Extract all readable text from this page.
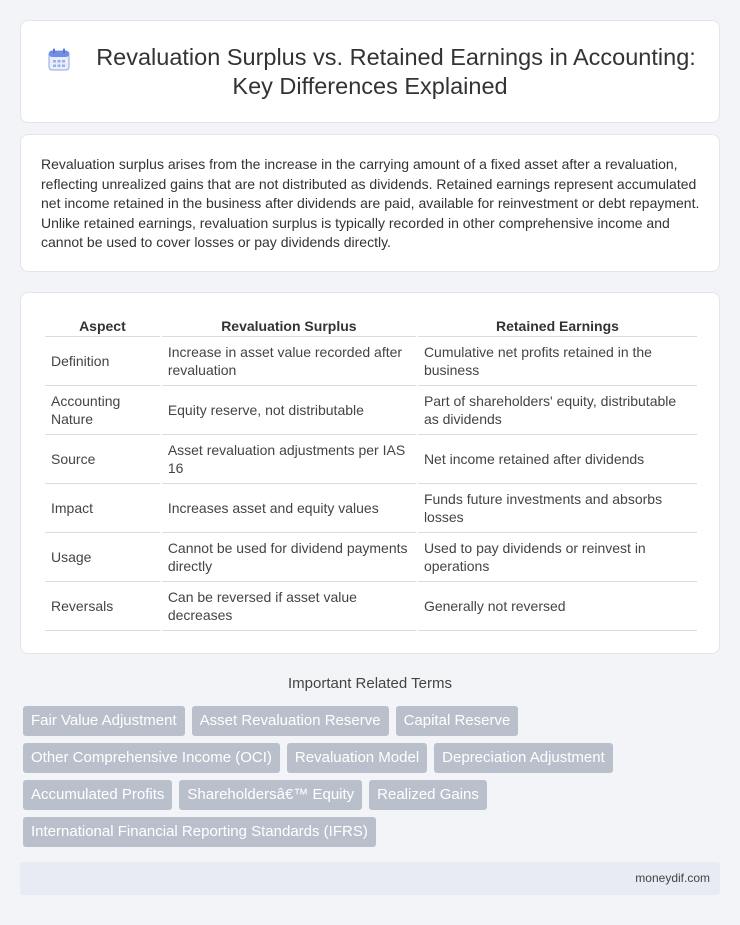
Revaluation Surplus vs. Retained Earnings in Accounting:
Key Differences Explained

Revaluation surplus arises from the increase in the carrying amount of a fixed asset after a revaluation, reflecting unrealized gains that are not distributed as dividends. Retained earnings represent accumulated net income retained in the business after dividends are paid, available for reinvestment or debt repayment. Unlike retained earnings, revaluation surplus is typically recorded in other comprehensive income and cannot be used to cover losses or pay dividends directly.

Aspect	Revaluation Surplus	Retained Earnings
Definition	Increase in asset value recorded after revaluation	Cumulative net profits retained in the business
Accounting Nature	Equity reserve, not distributable	Part of shareholders' equity, distributable as dividends
Source	Asset revaluation adjustments per IAS 16	Net income retained after dividends
Impact	Increases asset and equity values	Funds future investments and absorbs losses
Usage	Cannot be used for dividend payments directly	Used to pay dividends or reinvest in operations
Reversals	Can be reversed if asset value decreases	Generally not reversed
Important Related Terms
Fair Value Adjustment	Asset Revaluation Reserve	Capital Reserve
Other Comprehensive Income (OCI)	Revaluation Model	Depreciation Adjustment
Accumulated Profits	Shareholdersâ€™ Equity	Realized Gains
International Financial Reporting Standards (IFRS)
moneydif.com
